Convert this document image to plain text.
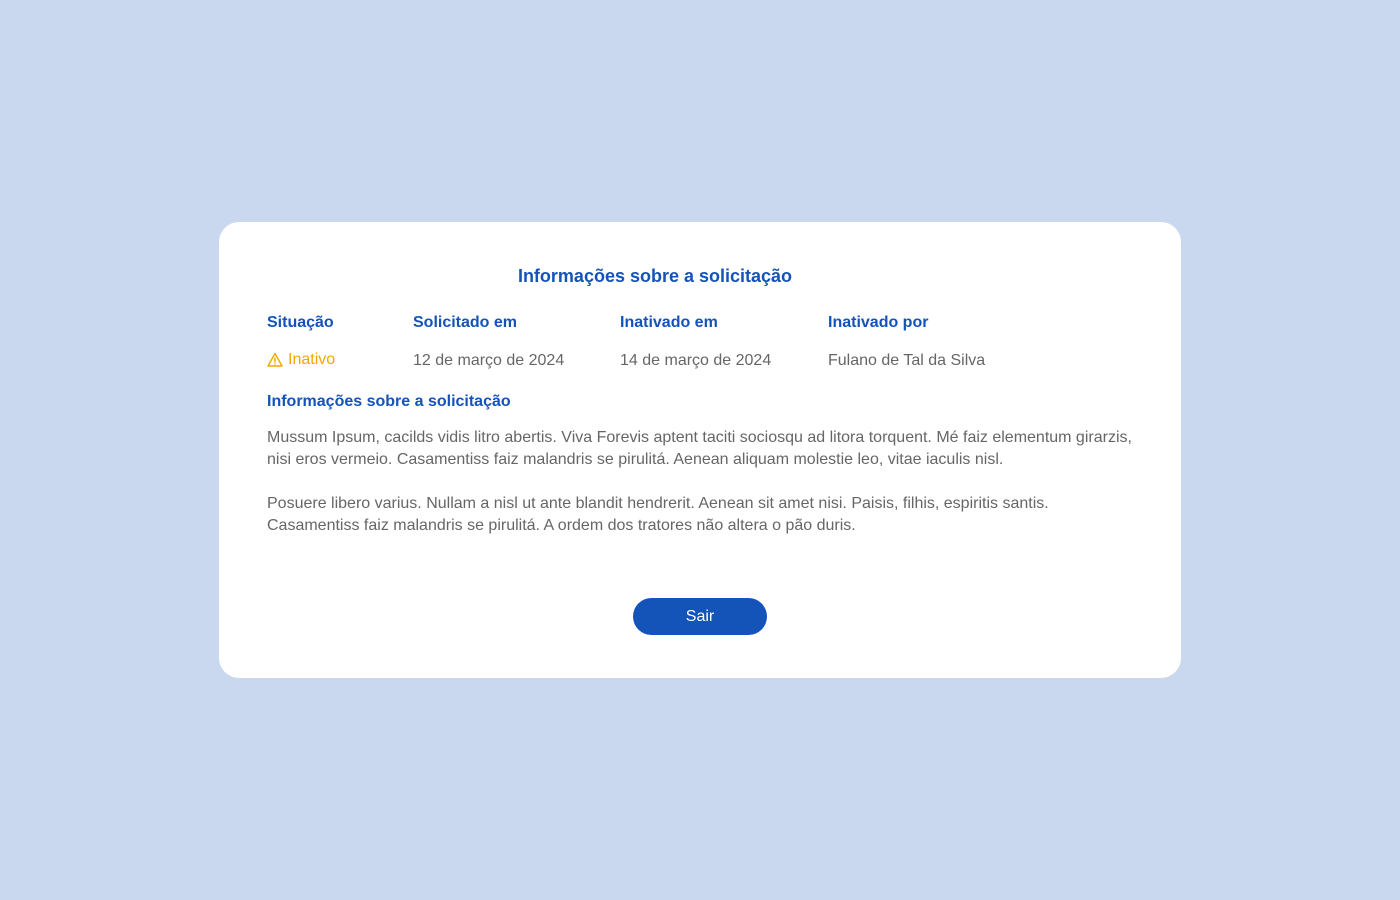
Informações sobre a solicitação
Situação
Inativo
Solicitado em
12 de março de 2024
Inativado em
14 de março de 2024
Inativado por
Fulano de Tal da Silva
Informações sobre a solicitação

Mussum Ipsum, cacilds vidis litro abertis. Viva Forevis aptent taciti sociosqu ad litora torquent. Mé faiz elementum girarzis, nisi eros vermeio. Casamentiss faiz malandris se pirulitá. Aenean aliquam molestie leo, vitae iaculis nisl.

Posuere libero varius. Nullam a nisl ut ante blandit hendrerit. Aenean sit amet nisi. Paisis, filhis, espiritis santis. Casamentiss faiz malandris se pirulitá. A ordem dos tratores não altera o pão duris.

Sair
